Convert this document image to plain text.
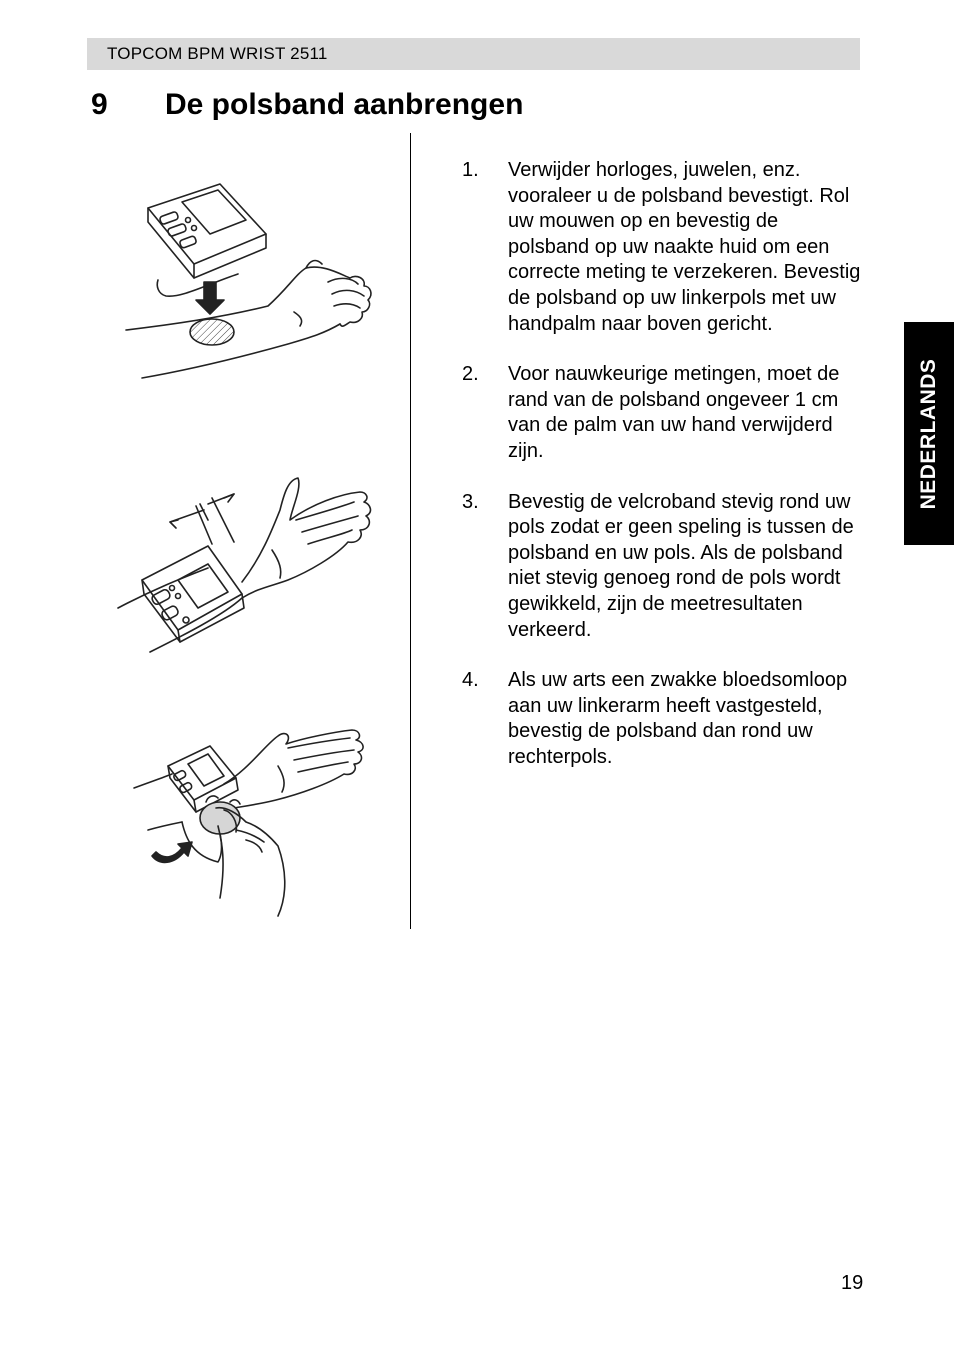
TOPCOM BPM WRIST 2511
9 De polsband aanbrengen
1. Verwijder horloges, juwelen, enz. vooraleer u de polsband bevestigt. Rol uw mouwen op en bevestig de polsband op uw naakte huid om een correcte meting te verzekeren. Bevestig de polsband op uw linkerpols met uw handpalm naar boven gericht.
2. Voor nauwkeurige metingen, moet de rand van de polsband ongeveer 1 cm van de palm van uw hand verwijderd zijn.
3. Bevestig de velcroband stevig rond uw pols zodat er geen speling is tussen de polsband en uw pols. Als de polsband niet stevig genoeg rond de pols wordt gewikkeld, zijn de meetresultaten verkeerd.
4. Als uw arts een zwakke bloedsomloop aan uw linkerarm heeft vastgesteld, bevestig de polsband dan rond uw rechterpols.
NEDERLANDS
19
